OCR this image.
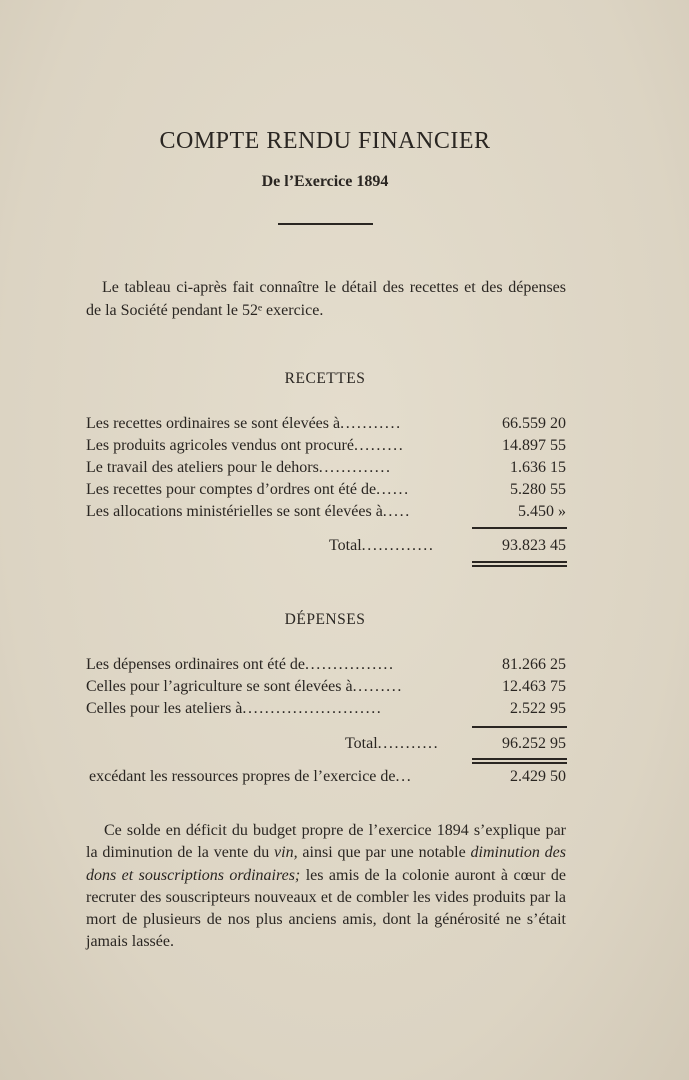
COMPTE RENDU FINANCIER
De l’Exercice 1894
Le tableau ci-après fait connaître le détail des recettes et des dépenses de la Société pendant le 52ᵉ exercice.
RECETTES
Les recettes ordinaires se sont élevées à...........	66.559 20
Les produits agricoles vendus ont procuré.........	14.897 55
Le travail des ateliers pour le dehors.............	1.636 15
Les recettes pour comptes d’ordres ont été de......	5.280 55
Les allocations ministérielles se sont élevées à.....	5.450 »
Total.............	93.823 45
DÉPENSES
Les dépenses ordinaires ont été de................	81.266 25
Celles pour l’agriculture se sont élevées à.........	12.463 75
Celles pour les ateliers à.........................	2.522 95
Total...........	96.252 95
excédant les ressources propres de l’exercice de...	2.429 50
Ce solde en déficit du budget propre de l’exercice 1894 s’explique par la diminution de la vente du vin, ainsi que par une notable diminution des dons et souscriptions ordinaires; les amis de la colonie auront à cœur de recruter des souscripteurs nouveaux et de combler les vides produits par la mort de plusieurs de nos plus anciens amis, dont la générosité ne s’était jamais lassée.
